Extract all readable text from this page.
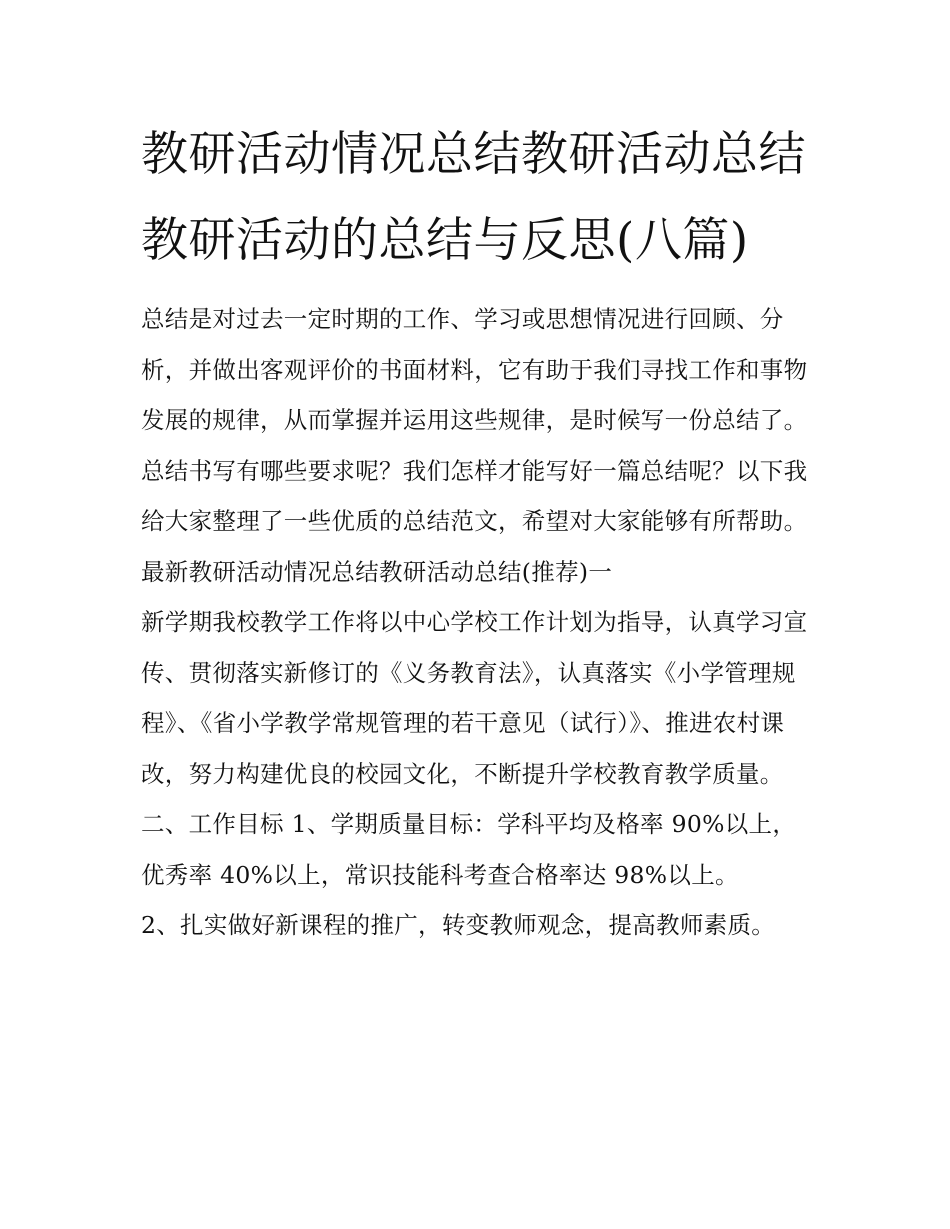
教研活动情况总结教研活动总结 教研活动的总结与反思(八篇)

总结是对过去一定时期的工作、学习或思想情况进行回顾、分析，并做出客观评价的书面材料，它有助于我们寻找工作和事物发展的规律，从而掌握并运用这些规律，是时候写一份总结了。总结书写有哪些要求呢？我们怎样才能写好一篇总结呢？以下我给大家整理了一些优质的总结范文，希望对大家能够有所帮助。

最新教研活动情况总结教研活动总结(推荐)一

新学期我校教学工作将以中心学校工作计划为指导，认真学习宣传、贯彻落实新修订的《义务教育法》，认真落实《小学管理规程》、《省小学教学常规管理的若干意见（试行）》、推进农村课改，努力构建优良的校园文化，不断提升学校教育教学质量。

二、工作目标 1、学期质量目标：学科平均及格率 90%以上，优秀率 40%以上，常识技能科考查合格率达 98%以上。

2、扎实做好新课程的推广，转变教师观念，提高教师素质。
